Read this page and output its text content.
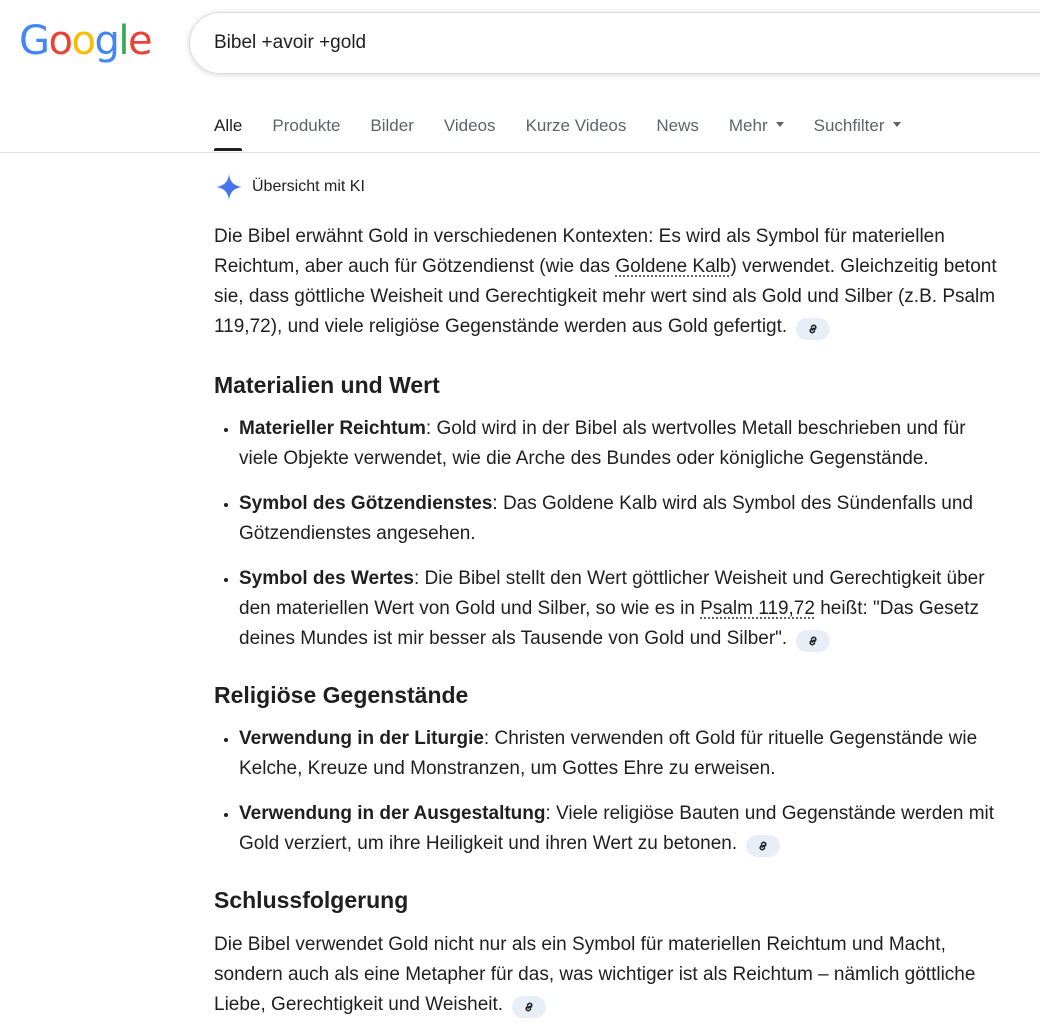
Google
Bibel +avoir +gold
Alle Produkte Bilder Videos Kurze Videos News Mehr	Suchfilter
Übersicht mit KI

Die Bibel erwähnt Gold in verschiedenen Kontexten: Es wird als Symbol für materiellen Reichtum, aber auch für Götzendienst (wie das Goldene Kalb) verwendet. Gleichzeitig betont sie, dass göttliche Weisheit und Gerechtigkeit mehr wert sind als Gold und Silber (z.B. Psalm 119,72), und viele religiöse Gegenstände werden aus Gold gefertigt.

Materialien und Wert
• Materieller Reichtum: Gold wird in der Bibel als wertvolles Metall beschrieben und für viele Objekte verwendet, wie die Arche des Bundes oder königliche Gegenstände.
• Symbol des Götzendienstes: Das Goldene Kalb wird als Symbol des Sündenfalls und Götzendienstes angesehen.
• Symbol des Wertes: Die Bibel stellt den Wert göttlicher Weisheit und Gerechtigkeit über den materiellen Wert von Gold und Silber, so wie es in Psalm 119,72 heißt: "Das Gesetz deines Mundes ist mir besser als Tausende von Gold und Silber".
Religiöse Gegenstände
• Verwendung in der Liturgie: Christen verwenden oft Gold für rituelle Gegenstände wie Kelche, Kreuze und Monstranzen, um Gottes Ehre zu erweisen.
• Verwendung in der Ausgestaltung: Viele religiöse Bauten und Gegenstände werden mit Gold verziert, um ihre Heiligkeit und ihren Wert zu betonen.
Schlussfolgerung

Die Bibel verwendet Gold nicht nur als ein Symbol für materiellen Reichtum und Macht, sondern auch als eine Metapher für das, was wichtiger ist als Reichtum – nämlich göttliche Liebe, Gerechtigkeit und Weisheit.
